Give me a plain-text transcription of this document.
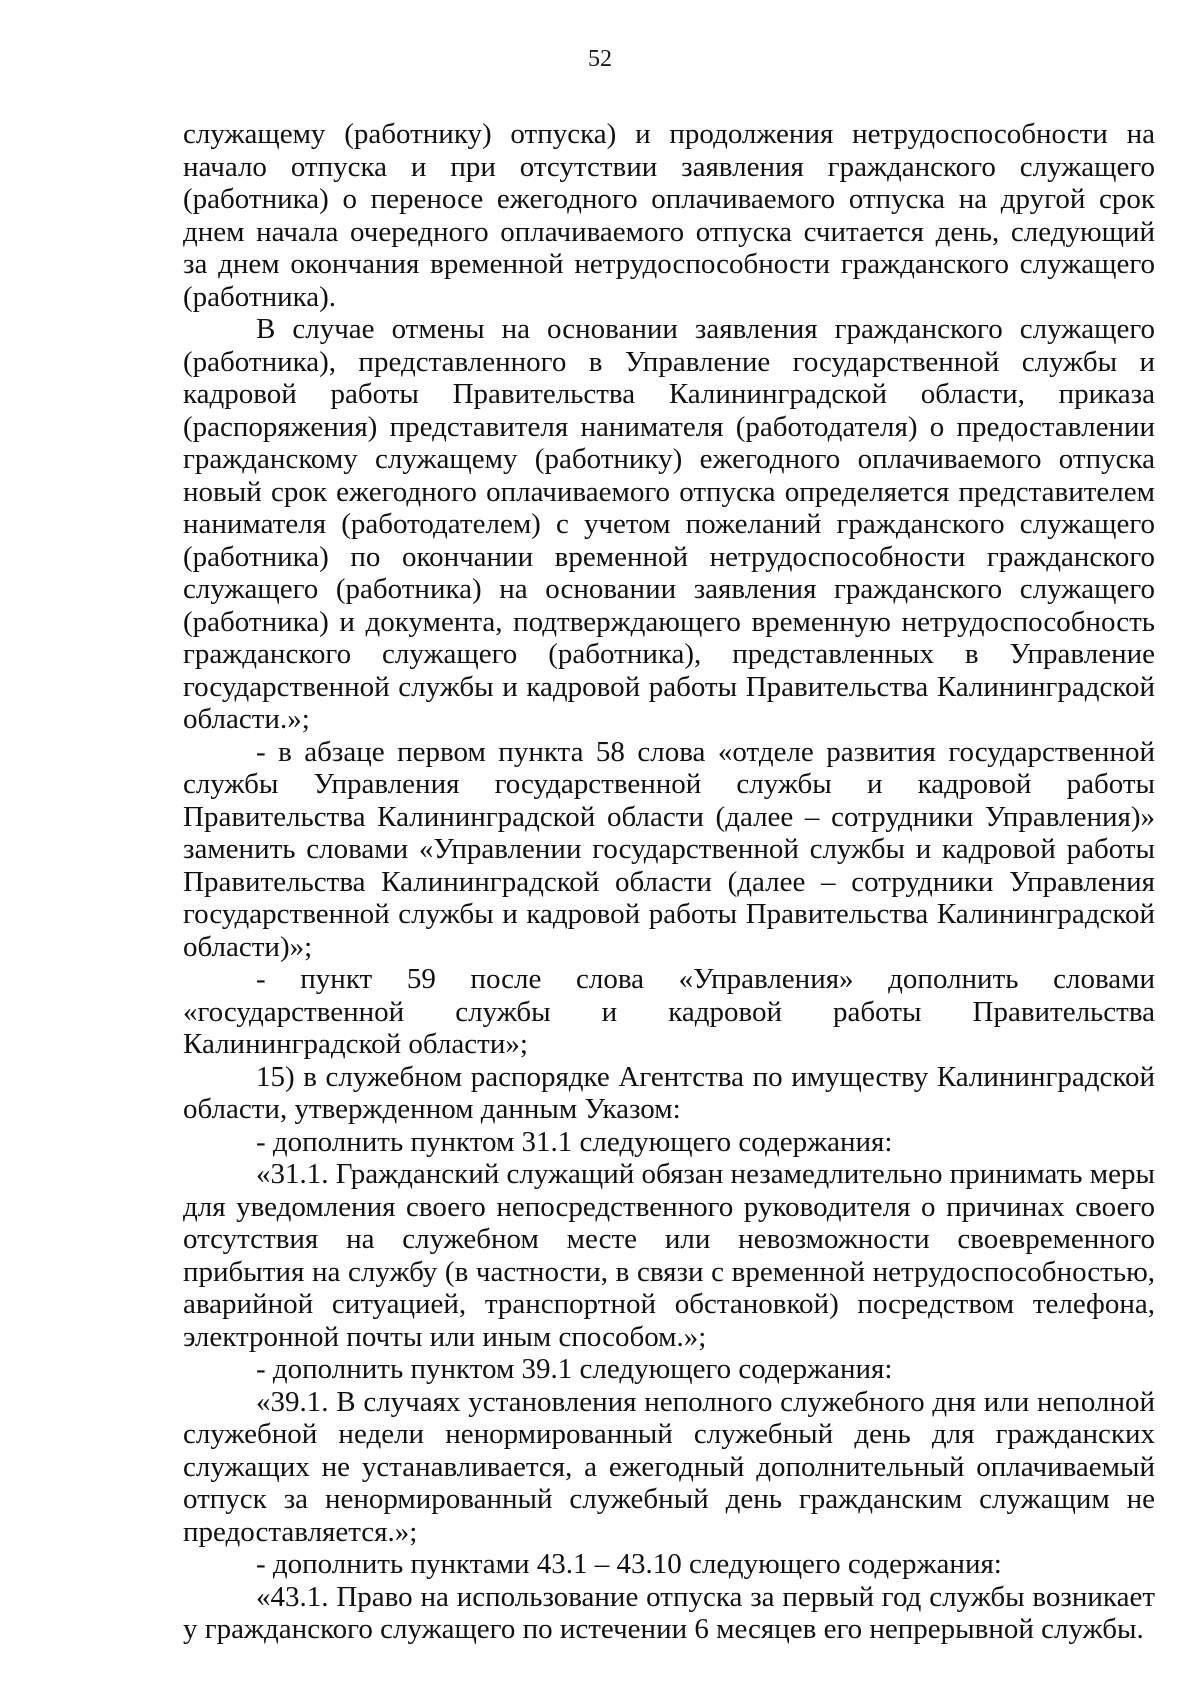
52

служащему (работнику) отпуска) и продолжения нетрудоспособности на начало отпуска и при отсутствии заявления гражданского служащего (работника) о переносе ежегодного оплачиваемого отпуска на другой срок днем начала очередного оплачиваемого отпуска считается день, следующий за днем окончания временной нетрудоспособности гражданского служащего (работника).

В случае отмены на основании заявления гражданского служащего (работника), представленного в Управление государственной службы и кадровой работы Правительства Калининградской области, приказа (распоряжения) представителя нанимателя (работодателя) о предоставлении гражданскому служащему (работнику) ежегодного оплачиваемого отпуска новый срок ежегодного оплачиваемого отпуска определяется представителем нанимателя (работодателем) с учетом пожеланий гражданского служащего (работника) по окончании временной нетрудоспособности гражданского служащего (работника) на основании заявления гражданского служащего (работника) и документа, подтверждающего временную нетрудоспособность гражданского служащего (работника), представленных в Управление государственной службы и кадровой работы Правительства Калининградской области.»;

- в абзаце первом пункта 58 слова «отделе развития государственной службы Управления государственной службы и кадровой работы Правительства Калининградской области (далее – сотрудники Управления)» заменить словами «Управлении государственной службы и кадровой работы Правительства Калининградской области (далее – сотрудники Управления государственной службы и кадровой работы Правительства Калининградской области)»;

- пункт 59 после слова «Управления» дополнить словами «государственной службы и кадровой работы Правительства Калининградской области»;

15) в служебном распорядке Агентства по имуществу Калининградской области, утвержденном данным Указом:

- дополнить пунктом 31.1 следующего содержания:

«31.1. Гражданский служащий обязан незамедлительно принимать меры для уведомления своего непосредственного руководителя о причинах своего отсутствия на служебном месте или невозможности своевременного прибытия на службу (в частности, в связи с временной нетрудоспособностью, аварийной ситуацией, транспортной обстановкой) посредством телефона, электронной почты или иным способом.»;

- дополнить пунктом 39.1 следующего содержания:

«39.1. В случаях установления неполного служебного дня или неполной служебной недели ненормированный служебный день для гражданских служащих не устанавливается, а ежегодный дополнительный оплачиваемый отпуск за ненормированный служебный день гражданским служащим не предоставляется.»;

- дополнить пунктами 43.1 – 43.10 следующего содержания:

«43.1. Право на использование отпуска за первый год службы возникает у гражданского служащего по истечении 6 месяцев его непрерывной службы.
